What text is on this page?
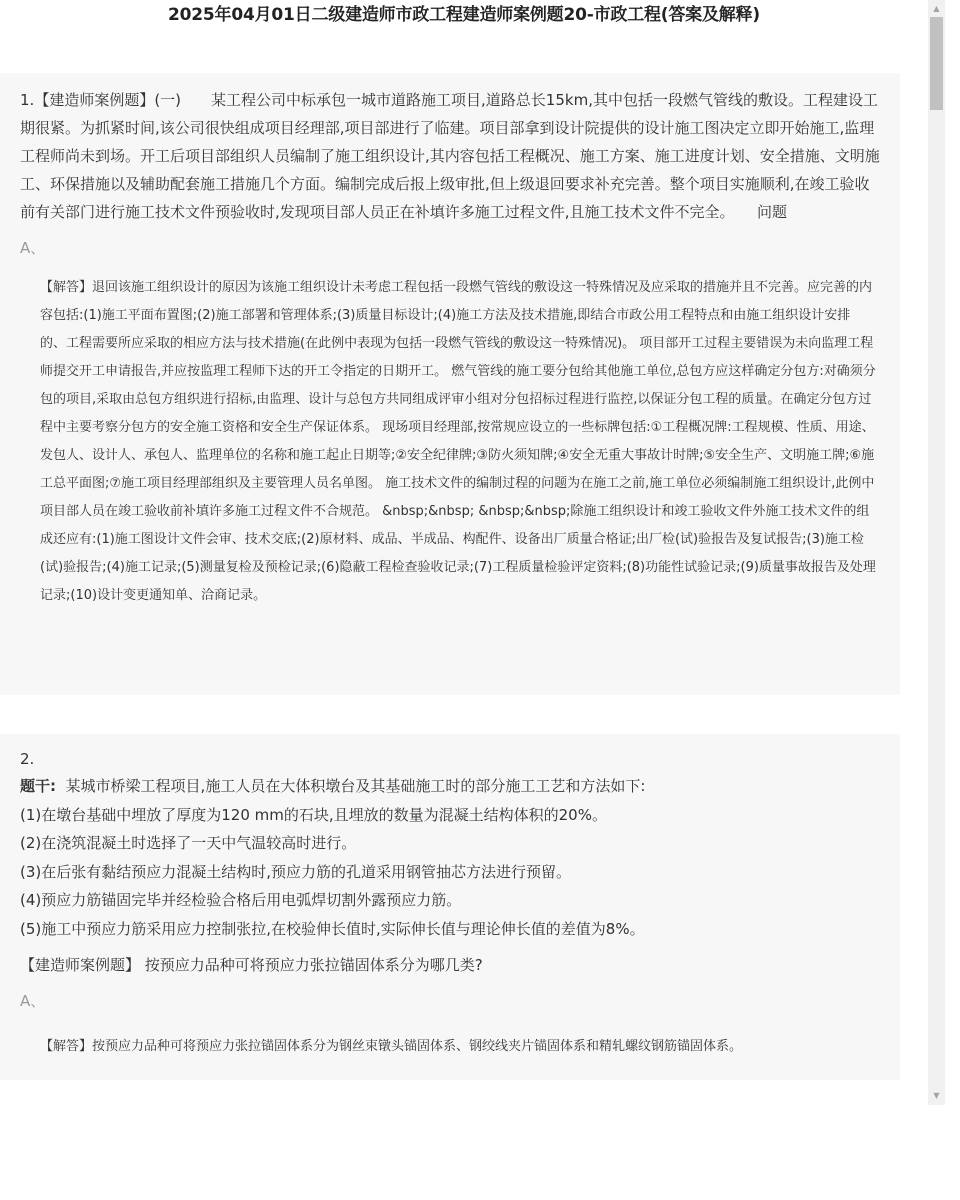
2025年04月01日二级建造师市政工程建造师案例题20-市政工程(答案及解释)

1.【建造师案例题】(一)　　某工程公司中标承包一城市道路施工项目,道路总长15km,其中包括一段燃气管线的敷设。工程建设工期很紧。为抓紧时间,该公司很快组成项目经理部,项目部进行了临建。项目部拿到设计院提供的设计施工图决定立即开始施工,监理工程师尚未到场。开工后项目部组织人员编制了施工组织设计,其内容包括工程概况、施工方案、施工进度计划、安全措施、文明施工、环保措施以及辅助配套施工措施几个方面。编制完成后报上级审批,但上级退回要求补充完善。整个项目实施顺利,在竣工验收前有关部门进行施工技术文件预验收时,发现项目部人员正在补填许多施工过程文件,且施工技术文件不完全。　　问题

A、
【解答】退回该施工组织设计的原因为该施工组织设计未考虑工程包括一段燃气管线的敷设这一特殊情况及应采取的措施并且不完善。应完善的内容包括:(1)施工平面布置图;(2)施工部署和管理体系;(3)质量目标设计;(4)施工方法及技术措施,即结合市政公用工程特点和由施工组织设计安排的、工程需要所应采取的相应方法与技术措施(在此例中表现为包括一段燃气管线的敷设这一特殊情况)。 项目部开工过程主要错误为未向监理工程师提交开工申请报告,并应按监理工程师下达的开工令指定的日期开工。 燃气管线的施工要分包给其他施工单位,总包方应这样确定分包方:对确须分包的项目,采取由总包方组织进行招标,由监理、设计与总包方共同组成评审小组对分包招标过程进行监控,以保证分包工程的质量。在确定分包方过程中主要考察分包方的安全施工资格和安全生产保证体系。 现场项目经理部,按常规应设立的一些标牌包括:①工程概况牌:工程规模、性质、用途、发包人、设计人、承包人、监理单位的名称和施工起止日期等;②安全纪律牌;③防火须知牌;④安全无重大事故计时牌;⑤安全生产、文明施工牌;⑥施工总平面图;⑦施工项目经理部组织及主要管理人员名单图。 施工技术文件的编制过程的问题为在施工之前,施工单位必须编制施工组织设计,此例中项目部人员在竣工验收前补填许多施工过程文件不合规范。 &nbsp;&nbsp; &nbsp;&nbsp;除施工组织设计和竣工验收文件外施工技术文件的组成还应有:(1)施工图设计文件会审、技术交底;(2)原材料、成品、半成品、构配件、设备出厂质量合格证;出厂检(试)验报告及复试报告;(3)施工检(试)验报告;(4)施工记录;(5)测量复检及预检记录;(6)隐蔽工程检查验收记录;(7)工程质量检验评定资料;(8)功能性试验记录;(9)质量事故报告及处理记录;(10)设计变更通知单、洽商记录。
2.
题干: 某城市桥梁工程项目,施工人员在大体积墩台及其基础施工时的部分施工工艺和方法如下:
(1)在墩台基础中埋放了厚度为120 mm的石块,且埋放的数量为混凝土结构体积的20%。
(2)在浇筑混凝土时选择了一天中气温较高时进行。
(3)在后张有黏结预应力混凝土结构时,预应力筋的孔道采用钢管抽芯方法进行预留。
(4)预应力筋锚固完毕并经检验合格后用电弧焊切割外露预应力筋。
(5)施工中预应力筋采用应力控制张拉,在校验伸长值时,实际伸长值与理论伸长值的差值为8%。
【建造师案例题】 按预应力品种可将预应力张拉锚固体系分为哪几类?
A、
【解答】按预应力品种可将预应力张拉锚固体系分为钢丝束镦头锚固体系、钢绞线夹片锚固体系和精轧螺纹钢筋锚固体系。
▲
▼
